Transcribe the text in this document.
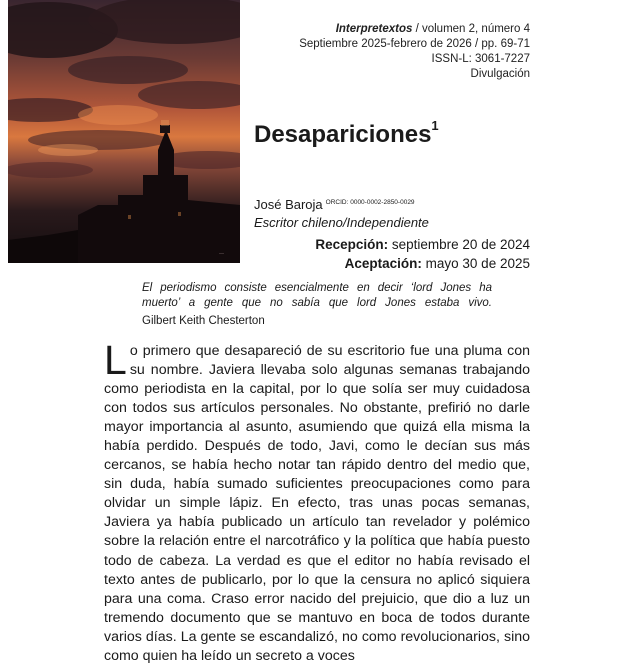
—
Interpretextos / volumen 2, número 4
Septiembre 2025-febrero de 2026 / pp. 69-71
ISSN-L: 3061-7227
Divulgación
Desapariciones$^1$
José Baroja $^{ORCID: 0000-0002-2850-0029}$
Escritor chileno/Independiente
Recepción: septiembre 20 de 2024
Aceptación: mayo 30 de 2025
El periodismo consiste esencialmente en decir ‘lord Jones ha muerto’ a gente que no sabía que lord Jones estaba vivo.
Gilbert Keith Chesterton

Lo primero que desapareció de su escritorio fue una pluma con su nombre. Javiera llevaba solo algunas semanas trabajando como periodista en la capital, por lo que solía ser muy cuidadosa con todos sus artículos personales. No obstante, prefirió no darle mayor importancia al asunto, asumiendo que quizá ella misma la había perdido. Después de todo, Javi, como le decían sus más cercanos, se había hecho notar tan rápido dentro del medio que, sin duda, había sumado suficientes preocupaciones como para olvidar un simple lápiz. En efecto, tras unas pocas semanas, Javiera ya había publicado un artículo tan revelador y polémico sobre la relación entre el narcotráfico y la política que había puesto todo de cabeza. La verdad es que el editor no había revisado el texto antes de publicarlo, por lo que la censura no aplicó siquiera para una coma. Craso error nacido del prejuicio, que dio a luz un tremendo documento que se mantuvo en boca de todos durante varios días. La gente se escandalizó, no como revolucionarios, sino como quien ha leído un secreto a voces
